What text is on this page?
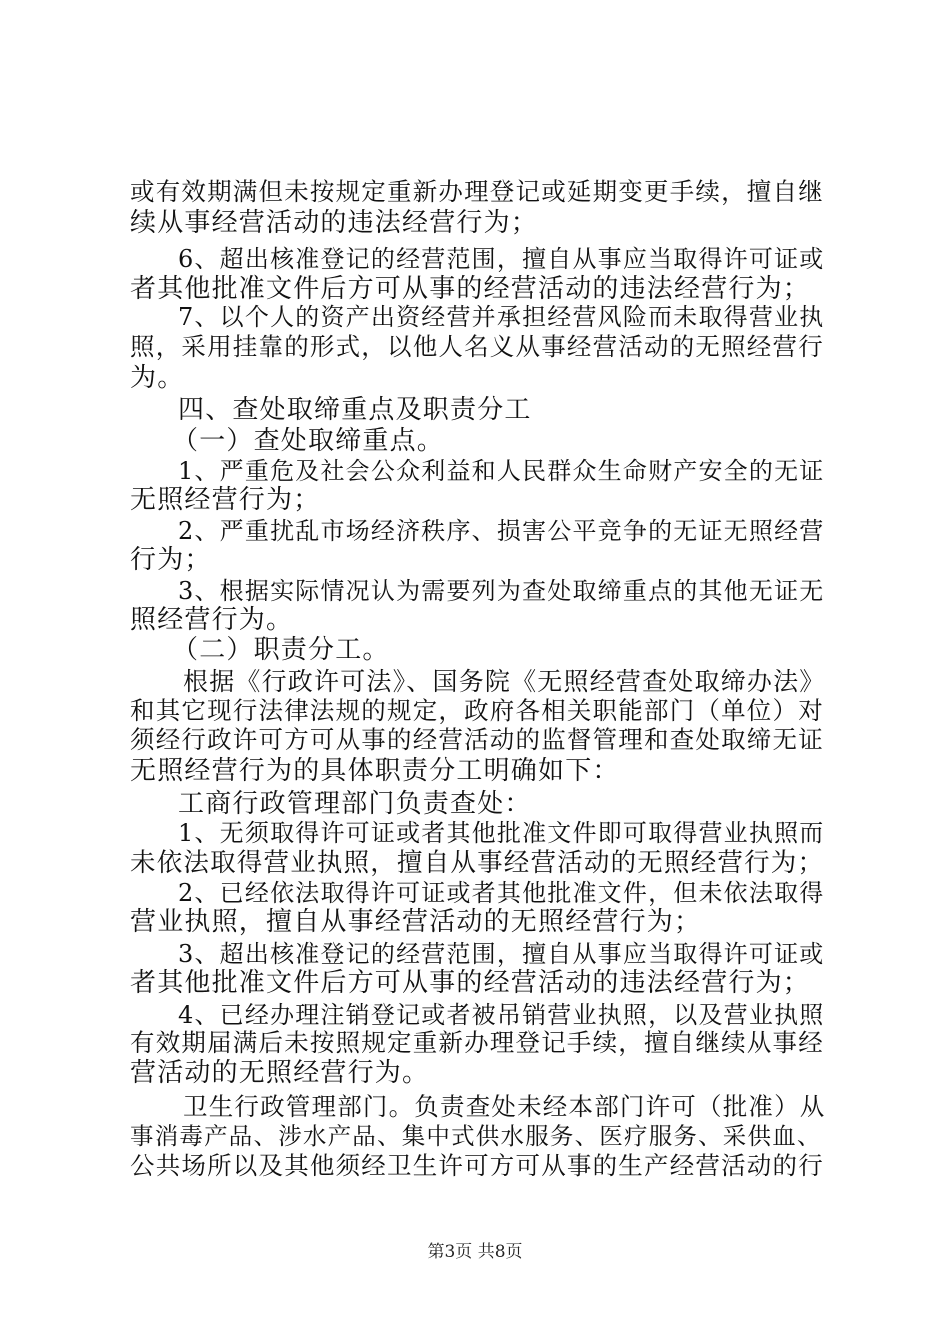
或有效期满但未按规定重新办理登记或延期变更手续，擅自继
续从事经营活动的违法经营行为；
6、超出核准登记的经营范围，擅自从事应当取得许可证或
者其他批准文件后方可从事的经营活动的违法经营行为；
7、以个人的资产出资经营并承担经营风险而未取得营业执
照，采用挂靠的形式，以他人名义从事经营活动的无照经营行
为。
四、查处取缔重点及职责分工
（一）查处取缔重点。
1、严重危及社会公众利益和人民群众生命财产安全的无证
无照经营行为；
2、严重扰乱市场经济秩序、损害公平竞争的无证无照经营
行为；
3、根据实际情况认为需要列为查处取缔重点的其他无证无
照经营行为。
（二）职责分工。
根据《行政许可法》、国务院《无照经营查处取缔办法》
和其它现行法律法规的规定，政府各相关职能部门（单位）对
须经行政许可方可从事的经营活动的监督管理和查处取缔无证
无照经营行为的具体职责分工明确如下：
工商行政管理部门负责查处：
1、无须取得许可证或者其他批准文件即可取得营业执照而
未依法取得营业执照，擅自从事经营活动的无照经营行为；
2、已经依法取得许可证或者其他批准文件，但未依法取得
营业执照，擅自从事经营活动的无照经营行为；
3、超出核准登记的经营范围，擅自从事应当取得许可证或
者其他批准文件后方可从事的经营活动的违法经营行为；
4、已经办理注销登记或者被吊销营业执照，以及营业执照
有效期届满后未按照规定重新办理登记手续，擅自继续从事经
营活动的无照经营行为。
卫生行政管理部门。负责查处未经本部门许可（批准）从
事消毒产品、涉水产品、集中式供水服务、医疗服务、采供血、
公共场所以及其他须经卫生许可方可从事的生产经营活动的行
第3页 共8页
